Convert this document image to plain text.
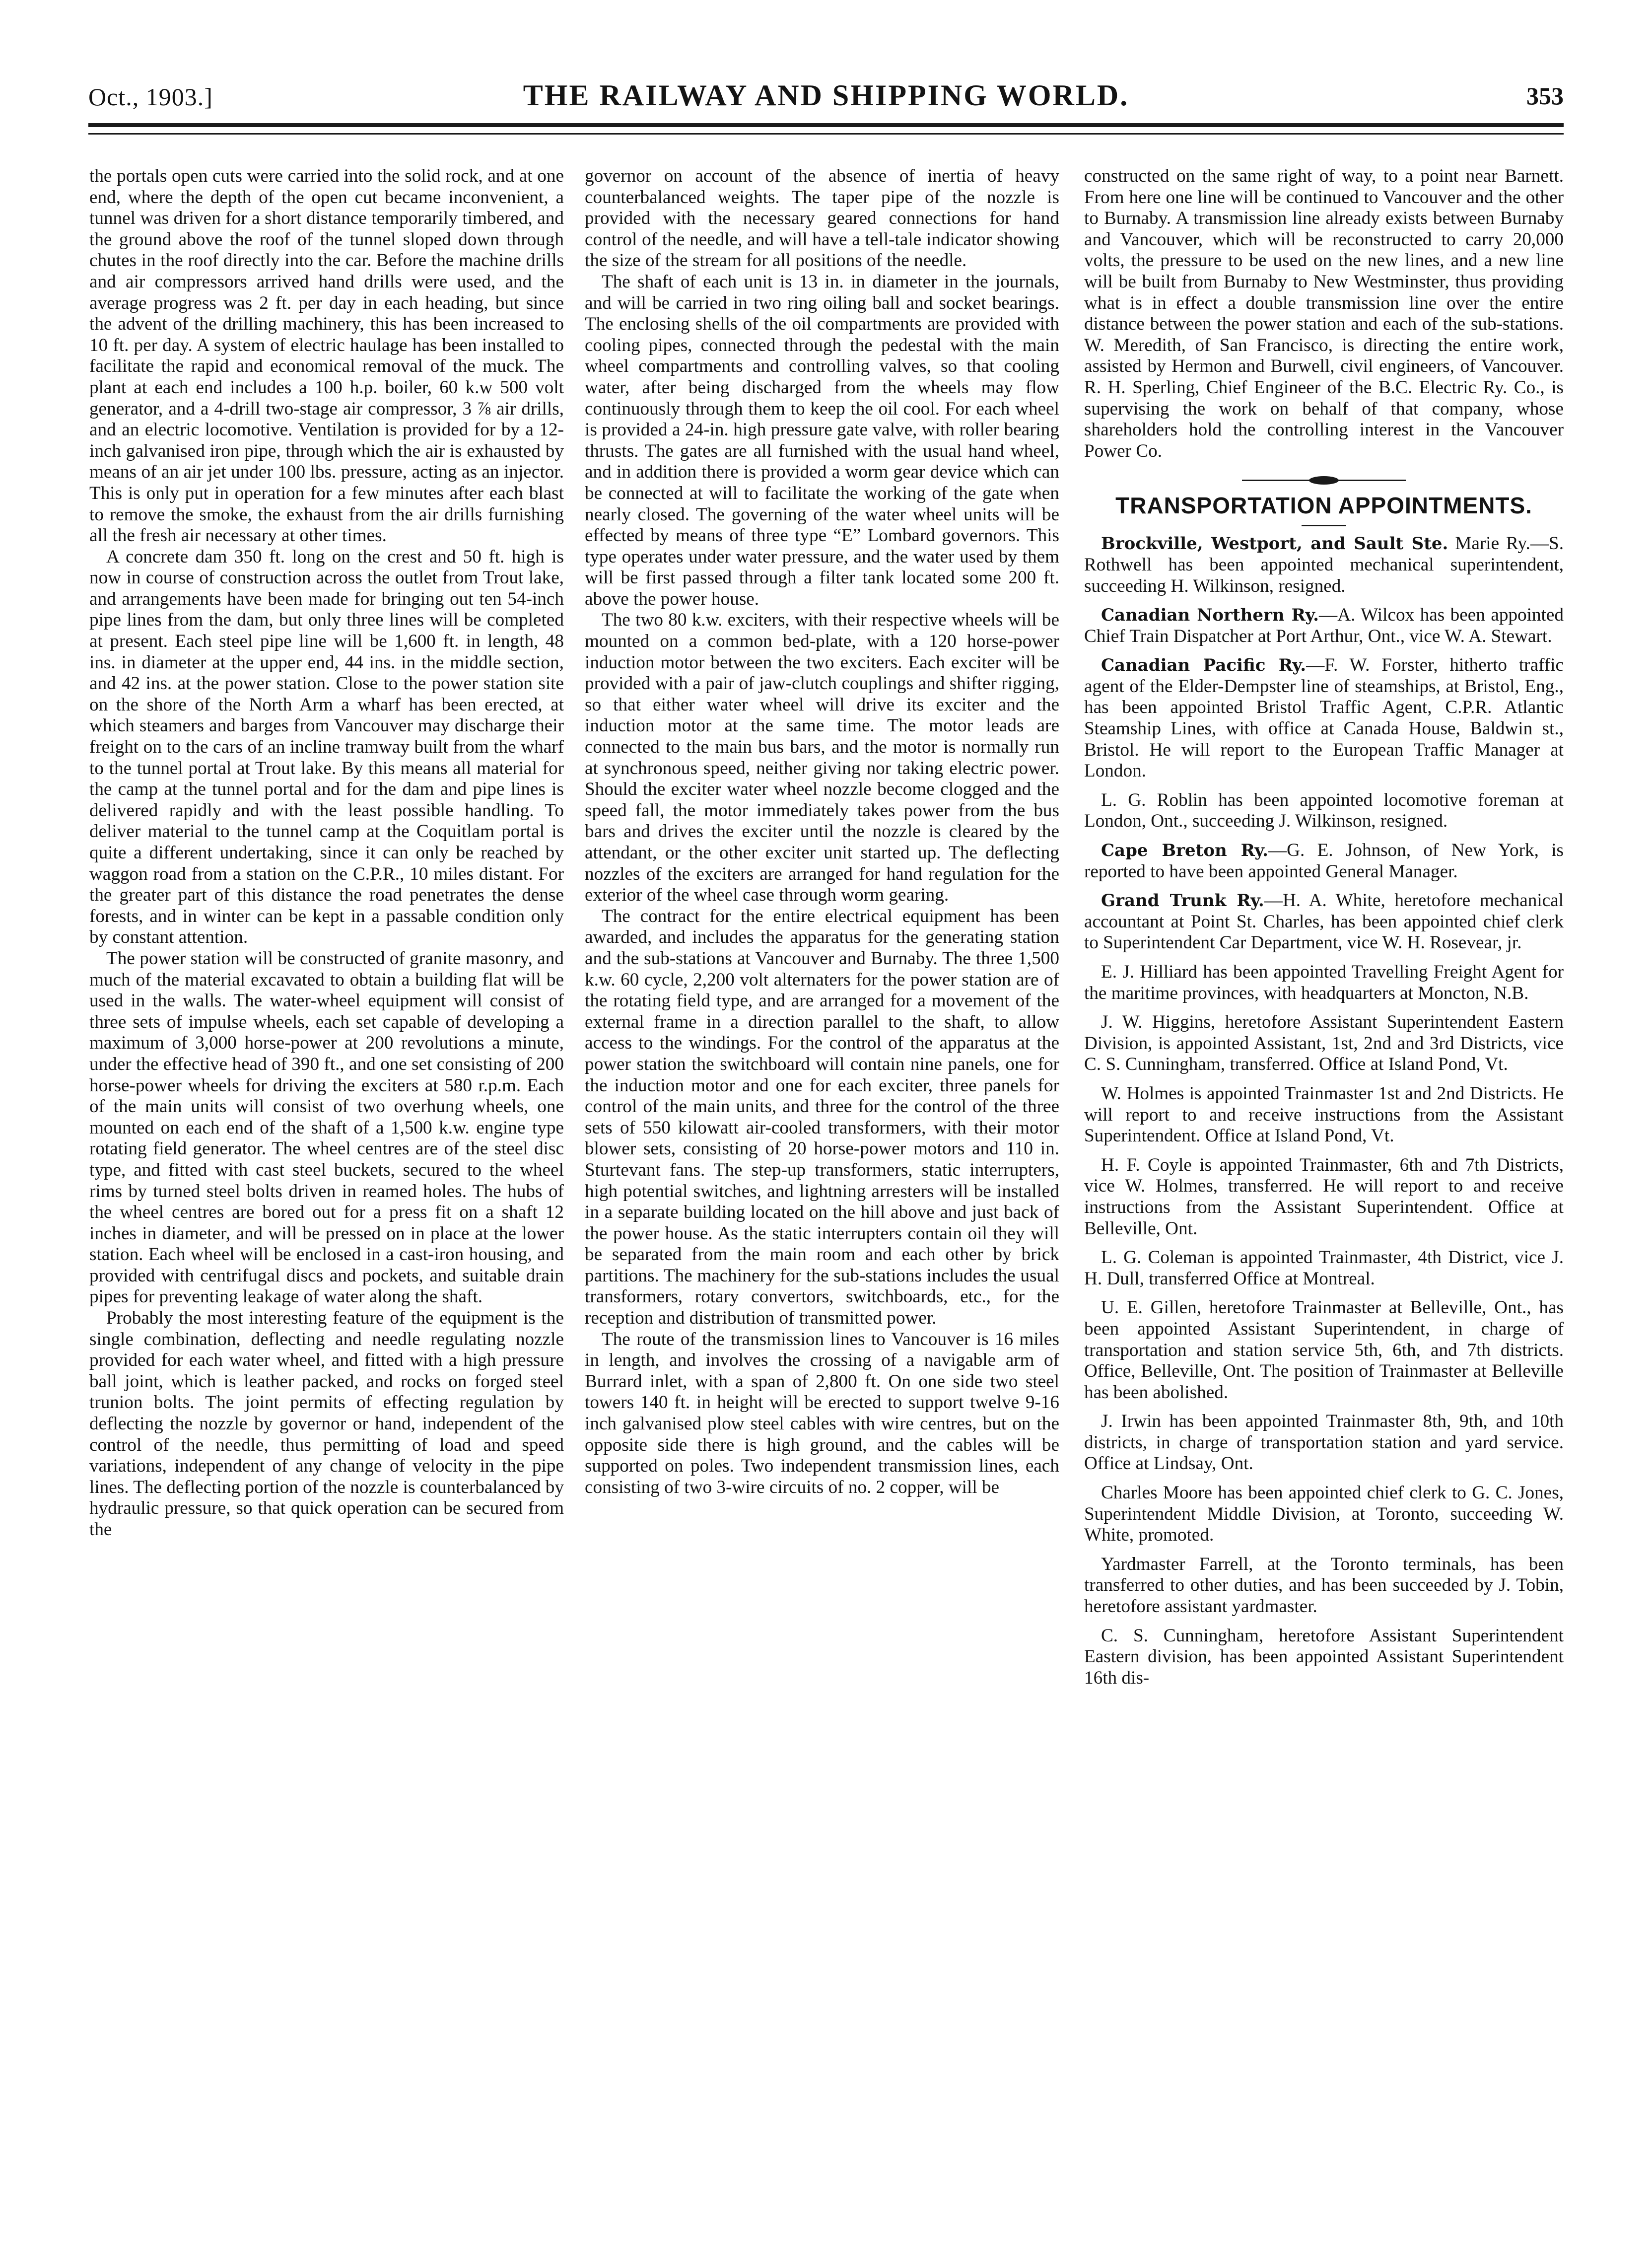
Oct., 1903.]	THE RAILWAY AND SHIPPING WORLD.	353

the portals open cuts were carried into the solid rock, and at one end, where the depth of the open cut became inconvenient, a tunnel was driven for a short distance temporarily timbered, and the ground above the roof of the tunnel sloped down through chutes in the roof directly into the car. Before the machine drills and air compressors arrived hand drills were used, and the average progress was 2 ft. per day in each heading, but since the advent of the drilling machinery, this has been increased to 10 ft. per day. A system of electric haulage has been installed to facilitate the rapid and economical removal of the muck. The plant at each end includes a 100 h.p. boiler, 60 k.w 500 volt generator, and a 4-drill two-stage air compressor, 3 ⅞ air drills, and an electric locomotive. Ventilation is provided for by a 12-inch galvanised iron pipe, through which the air is exhausted by means of an air jet under 100 lbs. pressure, acting as an injector. This is only put in operation for a few minutes after each blast to remove the smoke, the exhaust from the air drills furnishing all the fresh air necessary at other times.

A concrete dam 350 ft. long on the crest and 50 ft. high is now in course of construction across the outlet from Trout lake, and arrangements have been made for bringing out ten 54-inch pipe lines from the dam, but only three lines will be completed at present. Each steel pipe line will be 1,600 ft. in length, 48 ins. in diameter at the upper end, 44 ins. in the middle section, and 42 ins. at the power station. Close to the power station site on the shore of the North Arm a wharf has been erected, at which steamers and barges from Vancouver may discharge their freight on to the cars of an incline tramway built from the wharf to the tunnel portal at Trout lake. By this means all material for the camp at the tunnel portal and for the dam and pipe lines is delivered rapidly and with the least possible handling. To deliver material to the tunnel camp at the Coquitlam portal is quite a different undertaking, since it can only be reached by waggon road from a station on the C.P.R., 10 miles distant. For the greater part of this distance the road penetrates the dense forests, and in winter can be kept in a passable condition only by constant attention.

The power station will be constructed of granite masonry, and much of the material excavated to obtain a building flat will be used in the walls. The water-wheel equipment will consist of three sets of impulse wheels, each set capable of developing a maximum of 3,000 horse-power at 200 revolutions a minute, under the effective head of 390 ft., and one set consisting of 200 horse-power wheels for driving the exciters at 580 r.p.m. Each of the main units will consist of two overhung wheels, one mounted on each end of the shaft of a 1,500 k.w. engine type rotating field generator. The wheel centres are of the steel disc type, and fitted with cast steel buckets, secured to the wheel rims by turned steel bolts driven in reamed holes. The hubs of the wheel centres are bored out for a press fit on a shaft 12 inches in diameter, and will be pressed on in place at the lower station. Each wheel will be enclosed in a cast-iron housing, and provided with centrifugal discs and pockets, and suitable drain pipes for preventing leakage of water along the shaft.

Probably the most interesting feature of the equipment is the single combination, deflecting and needle regulating nozzle provided for each water wheel, and fitted with a high pressure ball joint, which is leather packed, and rocks on forged steel trunion bolts. The joint permits of effecting regulation by deflecting the nozzle by governor or hand, independent of the control of the needle, thus permitting of load and speed variations, independent of any change of velocity in the pipe lines. The deflecting portion of the nozzle is counterbalanced by hydraulic pressure, so that quick operation can be secured from the

governor on account of the absence of inertia of heavy counterbalanced weights. The taper pipe of the nozzle is provided with the necessary geared connections for hand control of the needle, and will have a tell-tale indicator showing the size of the stream for all positions of the needle.

The shaft of each unit is 13 in. in diameter in the journals, and will be carried in two ring oiling ball and socket bearings. The enclosing shells of the oil compartments are provided with cooling pipes, connected through the pedestal with the main wheel compartments and controlling valves, so that cooling water, after being discharged from the wheels may flow continuously through them to keep the oil cool. For each wheel is provided a 24-in. high pressure gate valve, with roller bearing thrusts. The gates are all furnished with the usual hand wheel, and in addition there is provided a worm gear device which can be connected at will to facilitate the working of the gate when nearly closed. The governing of the water wheel units will be effected by means of three type “E” Lombard governors. This type operates under water pressure, and the water used by them will be first passed through a filter tank located some 200 ft. above the power house.

The two 80 k.w. exciters, with their respective wheels will be mounted on a common bed-plate, with a 120 horse-power induction motor between the two exciters. Each exciter will be provided with a pair of jaw-clutch couplings and shifter rigging, so that either water wheel will drive its exciter and the induction motor at the same time. The motor leads are connected to the main bus bars, and the motor is normally run at synchronous speed, neither giving nor taking electric power. Should the exciter water wheel nozzle become clogged and the speed fall, the motor immediately takes power from the bus bars and drives the exciter until the nozzle is cleared by the attendant, or the other exciter unit started up. The deflecting nozzles of the exciters are arranged for hand regulation for the exterior of the wheel case through worm gearing.

The contract for the entire electrical equipment has been awarded, and includes the apparatus for the generating station and the sub-stations at Vancouver and Burnaby. The three 1,500 k.w. 60 cycle, 2,200 volt alternaters for the power station are of the rotating field type, and are arranged for a movement of the external frame in a direction parallel to the shaft, to allow access to the windings. For the control of the apparatus at the power station the switchboard will contain nine panels, one for the induction motor and one for each exciter, three panels for control of the main units, and three for the control of the three sets of 550 kilowatt air-cooled transformers, with their motor blower sets, consisting of 20 horse-power motors and 110 in. Sturtevant fans. The step-up transformers, static interrupters, high potential switches, and lightning arresters will be installed in a separate building located on the hill above and just back of the power house. As the static interrupters contain oil they will be separated from the main room and each other by brick partitions. The machinery for the sub-stations includes the usual transformers, rotary convertors, switchboards, etc., for the reception and distribution of transmitted power.

The route of the transmission lines to Vancouver is 16 miles in length, and involves the crossing of a navigable arm of Burrard inlet, with a span of 2,800 ft. On one side two steel towers 140 ft. in height will be erected to support twelve 9-16 inch galvanised plow steel cables with wire centres, but on the opposite side there is high ground, and the cables will be supported on poles. Two independent transmission lines, each consisting of two 3-wire circuits of no. 2 copper, will be

constructed on the same right of way, to a point near Barnett. From here one line will be continued to Vancouver and the other to Burnaby. A transmission line already exists between Burnaby and Vancouver, which will be reconstructed to carry 20,000 volts, the pressure to be used on the new lines, and a new line will be built from Burnaby to New Westminster, thus providing what is in effect a double transmission line over the entire distance between the power station and each of the sub-stations. W. Meredith, of San Francisco, is directing the entire work, assisted by Hermon and Burwell, civil engineers, of Vancouver. R. H. Sperling, Chief Engineer of the B.C. Electric Ry. Co., is supervising the work on behalf of that company, whose shareholders hold the controlling interest in the Vancouver Power Co.

TRANSPORTATION APPOINTMENTS.

Brockville, Westport, and Sault Ste. Marie Ry.—S. Rothwell has been appointed mechanical superintendent, succeeding H. Wilkinson, resigned.

Canadian Northern Ry.—A. Wilcox has been appointed Chief Train Dispatcher at Port Arthur, Ont., vice W. A. Stewart.

Canadian Pacific Ry.—F. W. Forster, hitherto traffic agent of the Elder-Dempster line of steamships, at Bristol, Eng., has been appointed Bristol Traffic Agent, C.P.R. Atlantic Steamship Lines, with office at Canada House, Baldwin st., Bristol. He will report to the European Traffic Manager at London.

L. G. Roblin has been appointed locomotive foreman at London, Ont., succeeding J. Wilkinson, resigned.

Cape Breton Ry.—G. E. Johnson, of New York, is reported to have been appointed General Manager.

Grand Trunk Ry.—H. A. White, heretofore mechanical accountant at Point St. Charles, has been appointed chief clerk to Superintendent Car Department, vice W. H. Rosevear, jr.

E. J. Hilliard has been appointed Travelling Freight Agent for the maritime provinces, with headquarters at Moncton, N.B.

J. W. Higgins, heretofore Assistant Superintendent Eastern Division, is appointed Assistant, 1st, 2nd and 3rd Districts, vice C. S. Cunningham, transferred. Office at Island Pond, Vt.

W. Holmes is appointed Trainmaster 1st and 2nd Districts. He will report to and receive instructions from the Assistant Superintendent. Office at Island Pond, Vt.

H. F. Coyle is appointed Trainmaster, 6th and 7th Districts, vice W. Holmes, transferred. He will report to and receive instructions from the Assistant Superintendent. Office at Belleville, Ont.

L. G. Coleman is appointed Trainmaster, 4th District, vice J. H. Dull, transferred Office at Montreal.

U. E. Gillen, heretofore Trainmaster at Belleville, Ont., has been appointed Assistant Superintendent, in charge of transportation and station service 5th, 6th, and 7th districts. Office, Belleville, Ont. The position of Trainmaster at Belleville has been abolished.

J. Irwin has been appointed Trainmaster 8th, 9th, and 10th districts, in charge of transportation station and yard service. Office at Lindsay, Ont.

Charles Moore has been appointed chief clerk to G. C. Jones, Superintendent Middle Division, at Toronto, succeeding W. White, promoted.

Yardmaster Farrell, at the Toronto terminals, has been transferred to other duties, and has been succeeded by J. Tobin, heretofore assistant yardmaster.

C. S. Cunningham, heretofore Assistant Superintendent Eastern division, has been appointed Assistant Superintendent 16th dis-
